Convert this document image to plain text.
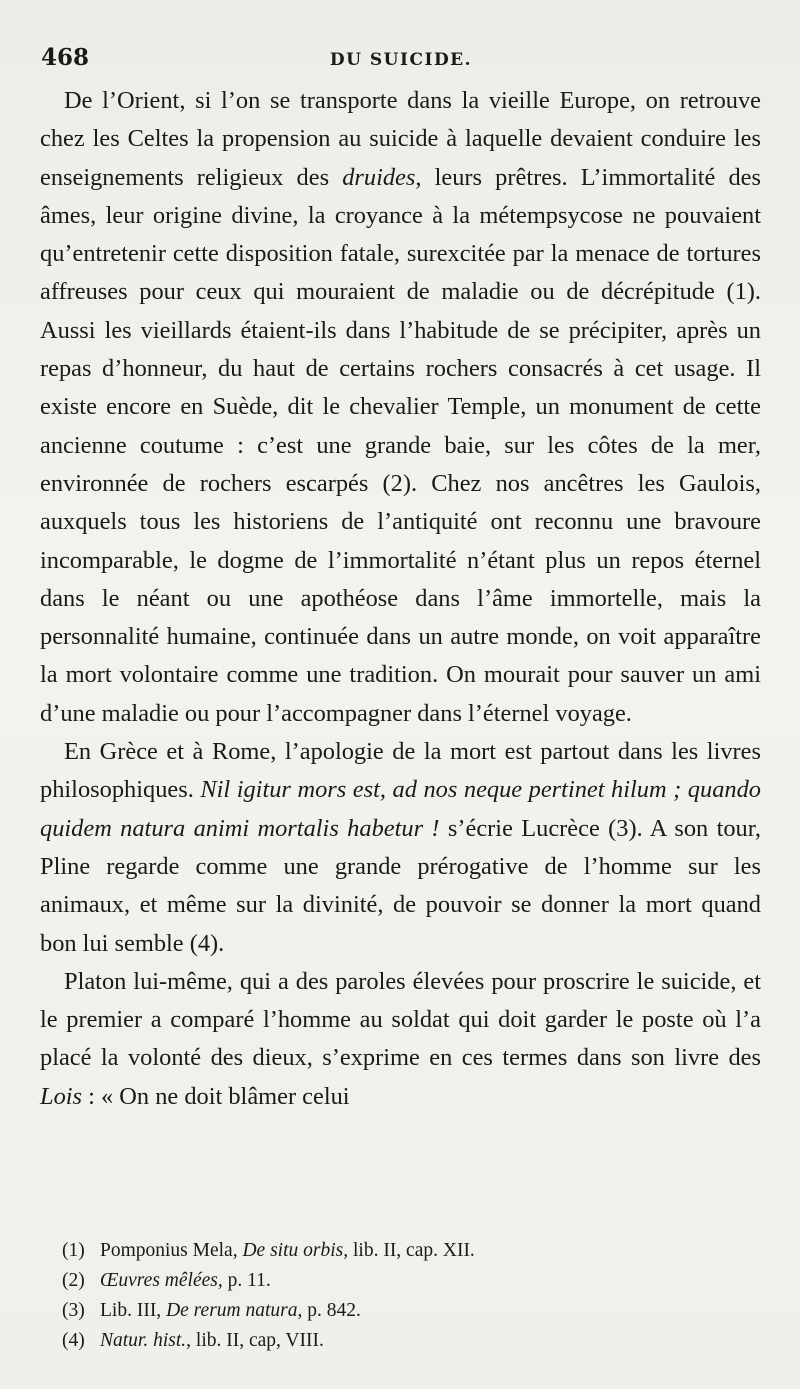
468	DU SUICIDE.

De l’Orient, si l’on se transporte dans la vieille Europe, on retrouve chez les Celtes la propension au suicide à laquelle devaient conduire les enseignements religieux des druides, leurs prêtres. L’immortalité des âmes, leur origine divine, la croyance à la métempsycose ne pouvaient qu’entretenir cette disposition fatale, surexcitée par la menace de tortures affreuses pour ceux qui mouraient de maladie ou de décrépitude (1). Aussi les vieillards étaient-ils dans l’habitude de se précipiter, après un repas d’honneur, du haut de certains rochers consacrés à cet usage. Il existe encore en Suède, dit le chevalier Temple, un monument de cette ancienne coutume : c’est une grande baie, sur les côtes de la mer, environnée de rochers escarpés (2). Chez nos ancêtres les Gaulois, auxquels tous les historiens de l’antiquité ont reconnu une bravoure incomparable, le dogme de l’immortalité n’étant plus un repos éternel dans le néant ou une apothéose dans l’âme immortelle, mais la personnalité humaine, continuée dans un autre monde, on voit apparaître la mort volontaire comme une tradition. On mourait pour sauver un ami d’une maladie ou pour l’accompagner dans l’éternel voyage.

En Grèce et à Rome, l’apologie de la mort est partout dans les livres philosophiques. Nil igitur mors est, ad nos neque pertinet hilum ; quando quidem natura animi mortalis habetur ! s’écrie Lucrèce (3). A son tour, Pline regarde comme une grande prérogative de l’homme sur les animaux, et même sur la divinité, de pouvoir se donner la mort quand bon lui semble (4).

Platon lui-même, qui a des paroles élevées pour proscrire le suicide, et le premier a comparé l’homme au soldat qui doit garder le poste où l’a placé la volonté des dieux, s’exprime en ces termes dans son livre des Lois : « On ne doit blâmer celui

(1) Pomponius Mela, De situ orbis, lib. II, cap. XII.
(2) Œuvres mêlées, p. 11.
(3) Lib. III, De rerum natura, p. 842.
(4) Natur. hist., lib. II, cap, VIII.
